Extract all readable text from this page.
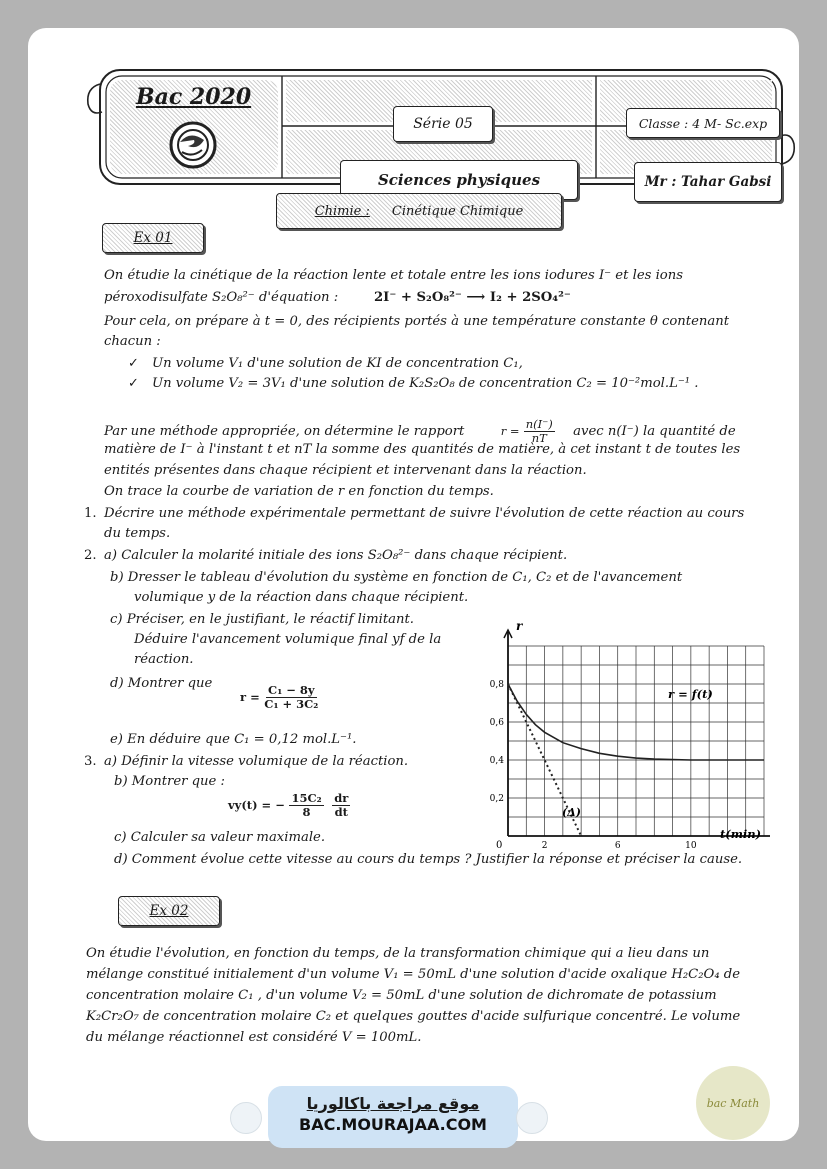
Bac 2020
Série 05
Sciences physiques
Classe : 4 M- Sc.exp
Mr : Tahar Gabsi
Chimie : Cinétique Chimique
Ex 01
On étudie la cinétique de la réaction lente et totale entre les ions iodures I⁻ et les ions
péroxodisulfate S₂O₈²⁻ d'équation :	2I⁻ + S₂O₈²⁻ ⟶ I₂ + 2SO₄²⁻
Pour cela, on prépare à t = 0, des récipients portés à une température constante θ contenant
chacun :
✓ Un volume V₁ d'une solution de KI de concentration C₁,
✓ Un volume V₂ = 3V₁ d'une solution de K₂S₂O₈ de concentration C₂ = 10⁻²mol.L⁻¹ .
Par une méthode appropriée, on détermine le rapport	$r = \frac{n(I^-)}{nT}$ avec n(I⁻) la quantité de
matière de I⁻ à l'instant t et nT la somme des quantités de matière, à cet instant t de toutes les
entités présentes dans chaque récipient et intervenant dans la réaction.
On trace la courbe de variation de r en fonction du temps.
1. Décrire une méthode expérimentale permettant de suivre l'évolution de cette réaction au cours
du temps.
2. a) Calculer la molarité initiale des ions S₂O₈²⁻ dans chaque récipient.
b) Dresser le tableau d'évolution du système en fonction de C₁, C₂ et de l'avancement
volumique y de la réaction dans chaque récipient.
c) Préciser, en le justifiant, le réactif limitant.
Déduire l'avancement volumique final yf de la
réaction.
d) Montrer que
$r = \frac{\text{C₁ − 8y}}{\text{C₁ + 3C₂}}$
e) En déduire que C₁ = 0,12 mol.L⁻¹.
3. a) Définir la vitesse volumique de la réaction.
b) Montrer que :
vy(t) = − $\frac{\text{15C₂}}{8}$
$\frac{dr}{dt}$
c) Calculer sa valeur maximale.
d) Comment évolue cette vitesse au cours du temps ? Justifier la réponse et préciser la cause.
0,2
0,4
0,6
0,8
2	6	10
r
t(min)
r = f(t)
(Δ)
0
Ex 02
On étudie l'évolution, en fonction du temps, de la transformation chimique qui a lieu dans un
mélange constitué initialement d'un volume V₁ = 50mL d'une solution d'acide oxalique H₂C₂O₄ de
concentration molaire C₁ , d'un volume V₂ = 50mL d'une solution de dichromate de potassium
K₂Cr₂O₇ de concentration molaire C₂ et quelques gouttes d'acide sulfurique concentré. Le volume
du mélange réactionnel est considéré V = 100mL.
موقع مراجعة باكالوريا
BAC.MOURAJAA.COM
bac Math
